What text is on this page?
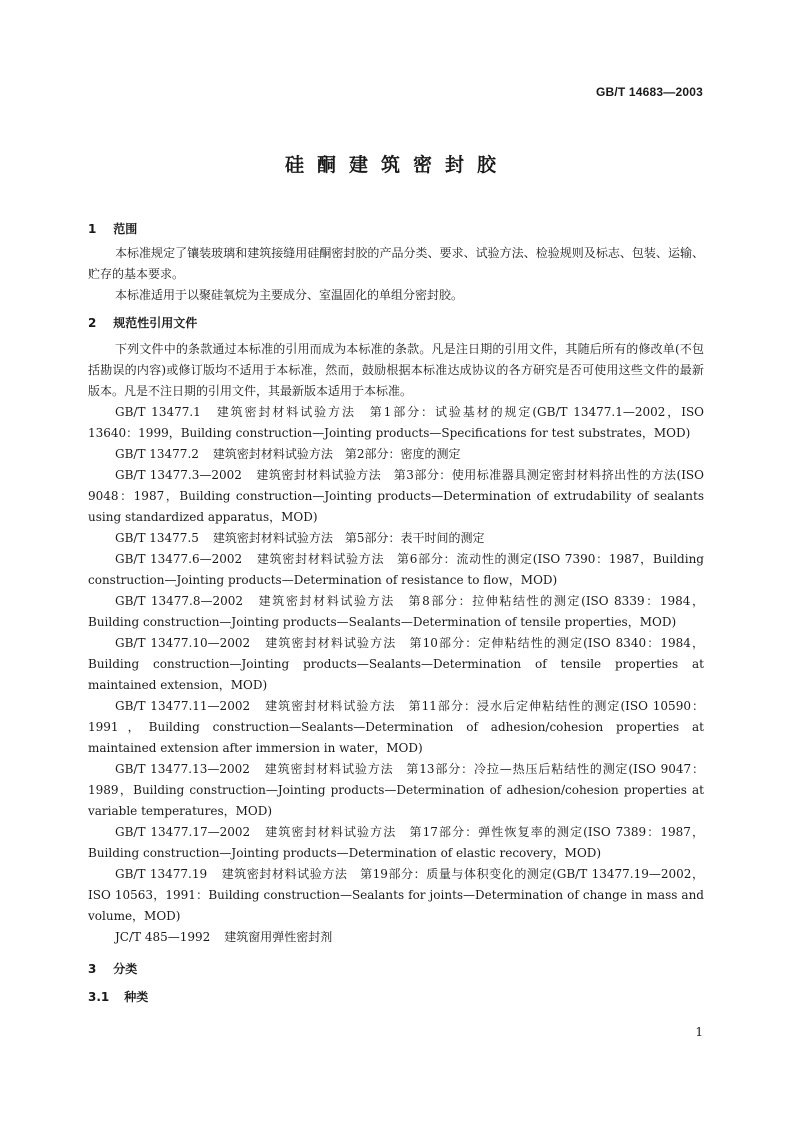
GB/T 14683—2003
硅酮建筑密封胶
1 范围

本标准规定了镶装玻璃和建筑接缝用硅酮密封胶的产品分类、要求、试验方法、检验规则及标志、包装、运输、贮存的基本要求。

本标准适用于以聚硅氧烷为主要成分、室温固化的单组分密封胶。

2 规范性引用文件

下列文件中的条款通过本标准的引用而成为本标准的条款。凡是注日期的引用文件，其随后所有的修改单(不包括勘误的内容)或修订版均不适用于本标准，然而，鼓励根据本标准达成协议的各方研究是否可使用这些文件的最新版本。凡是不注日期的引用文件，其最新版本适用于本标准。

GB/T 13477.1 建筑密封材料试验方法　第1部分：试验基材的规定(GB/T 13477.1—2002，ISO 13640：1999，Building construction—Jointing products—Specifications for test substrates，MOD)

GB/T 13477.2 建筑密封材料试验方法　第2部分：密度的测定

GB/T 13477.3—2002 建筑密封材料试验方法　第3部分：使用标准器具测定密封材料挤出性的方法(ISO 9048：1987，Building construction—Jointing products—Determination of extrudability of sealants using standardized apparatus，MOD)

GB/T 13477.5 建筑密封材料试验方法　第5部分：表干时间的测定

GB/T 13477.6—2002 建筑密封材料试验方法　第6部分：流动性的测定(ISO 7390：1987，Building construction—Jointing products—Determination of resistance to flow，MOD)

GB/T 13477.8—2002 建筑密封材料试验方法　第8部分：拉伸粘结性的测定(ISO 8339：1984，Building construction—Jointing products—Sealants—Determination of tensile properties，MOD)

GB/T 13477.10—2002 建筑密封材料试验方法　第10部分：定伸粘结性的测定(ISO 8340：1984，Building construction—Jointing products—Sealants—Determination of tensile properties at maintained extension，MOD)

GB/T 13477.11—2002 建筑密封材料试验方法　第11部分：浸水后定伸粘结性的测定(ISO 10590：1991，Building construction—Sealants—Determination of adhesion/cohesion properties at maintained extension after immersion in water，MOD)

GB/T 13477.13—2002 建筑密封材料试验方法　第13部分：冷拉—热压后粘结性的测定(ISO 9047：1989，Building construction—Jointing products—Determination of adhesion/cohesion properties at variable temperatures，MOD)

GB/T 13477.17—2002 建筑密封材料试验方法　第17部分：弹性恢复率的测定(ISO 7389：1987，Building construction—Jointing products—Determination of elastic recovery，MOD)

GB/T 13477.19 建筑密封材料试验方法　第19部分：质量与体积变化的测定(GB/T 13477.19—2002，ISO 10563，1991：Building construction—Sealants for joints—Determination of change in mass and volume，MOD)

JC/T 485—1992 建筑窗用弹性密封剂

3 分类
3.1 种类
1
